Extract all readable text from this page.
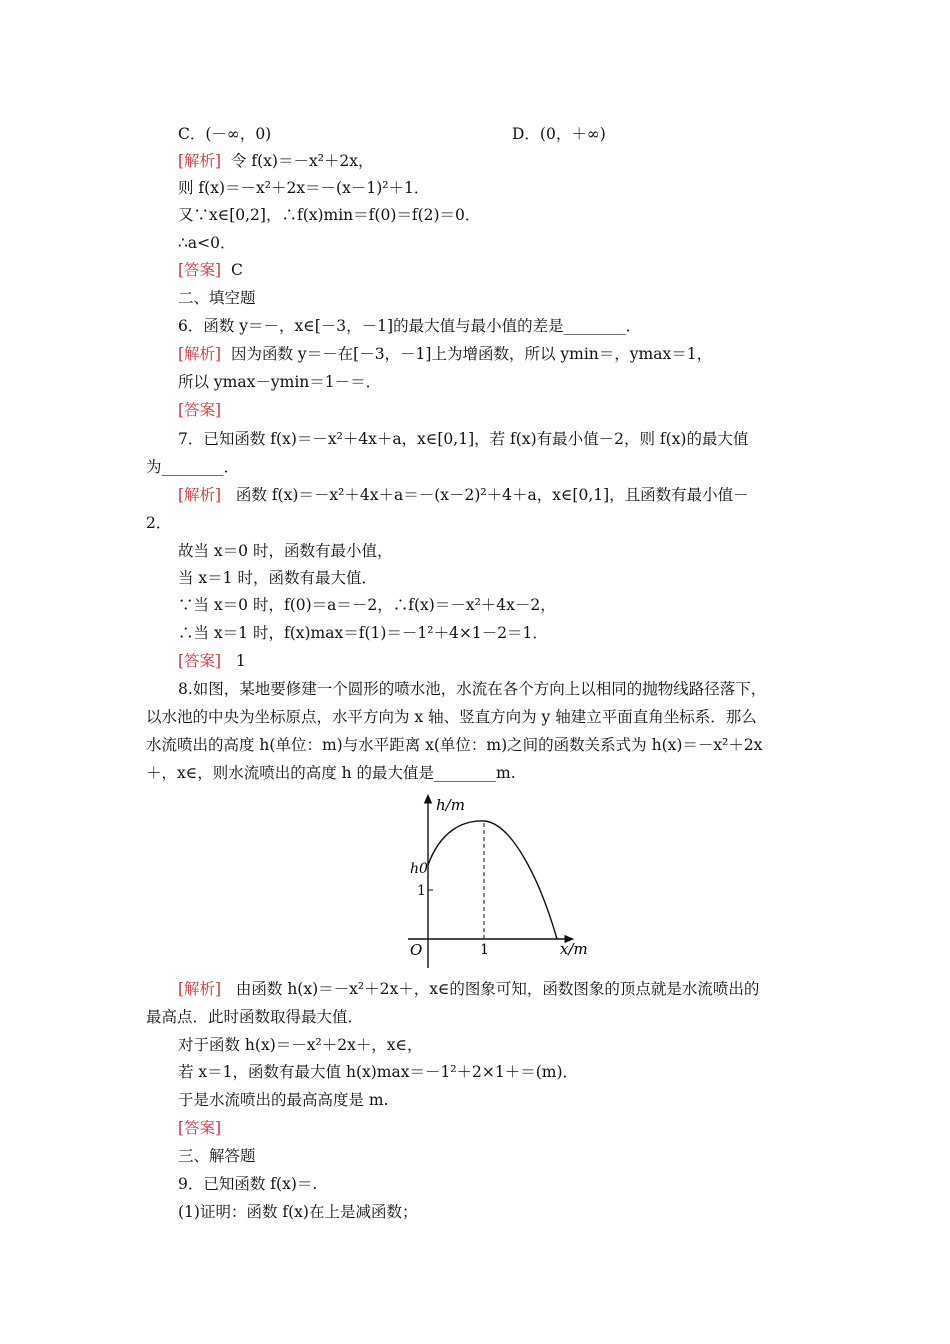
C．(－∞，0)	D．(0，＋∞)
[解析] 令 f(x)＝－x²＋2x，
则 f(x)＝－x²＋2x＝－(x－1)²＋1．
又∵x∈[0,2]，∴f(x)min＝f(0)＝f(2)＝0．
∴a<0．
[答案] C
二、填空题
6．函数 y＝－，x∈[－3，－1]的最大值与最小值的差是________．
[解析] 因为函数 y＝－在[－3，－1]上为增函数，所以 ymin＝，ymax＝1，
所以 ymax－ymin＝1－＝．
[答案]
7．已知函数 f(x)＝－x²＋4x＋a，x∈[0,1]，若 f(x)有最小值－2，则 f(x)的最大值
为________．
[解析] 函数 f(x)＝－x²＋4x＋a＝－(x－2)²＋4＋a，x∈[0,1]，且函数有最小值－
2．
故当 x＝0 时，函数有最小值，
当 x＝1 时，函数有最大值．
∵当 x＝0 时，f(0)＝a＝－2，∴f(x)＝－x²＋4x－2，
∴当 x＝1 时，f(x)max＝f(1)＝－1²＋4×1－2＝1．
[答案] 1
8.如图，某地要修建一个圆形的喷水池，水流在各个方向上以相同的抛物线路径落下，
以水池的中央为坐标原点，水平方向为 x 轴、竖直方向为 y 轴建立平面直角坐标系．那么
水流喷出的高度 h(单位：m)与水平距离 x(单位：m)之间的函数关系式为 h(x)＝－x²＋2x
＋，x∈，则水流喷出的高度 h 的最大值是________m.
h/m
x/m
O
h0
1
1
[解析] 由函数 h(x)＝－x²＋2x＋，x∈的图象可知，函数图象的顶点就是水流喷出的
最高点．此时函数取得最大值．
对于函数 h(x)＝－x²＋2x＋，x∈，
若 x＝1，函数有最大值 h(x)max＝－1²＋2×1＋＝(m)．
于是水流喷出的最高高度是 m.
[答案]
三、解答题
9．已知函数 f(x)＝.
(1)证明：函数 f(x)在上是减函数；
